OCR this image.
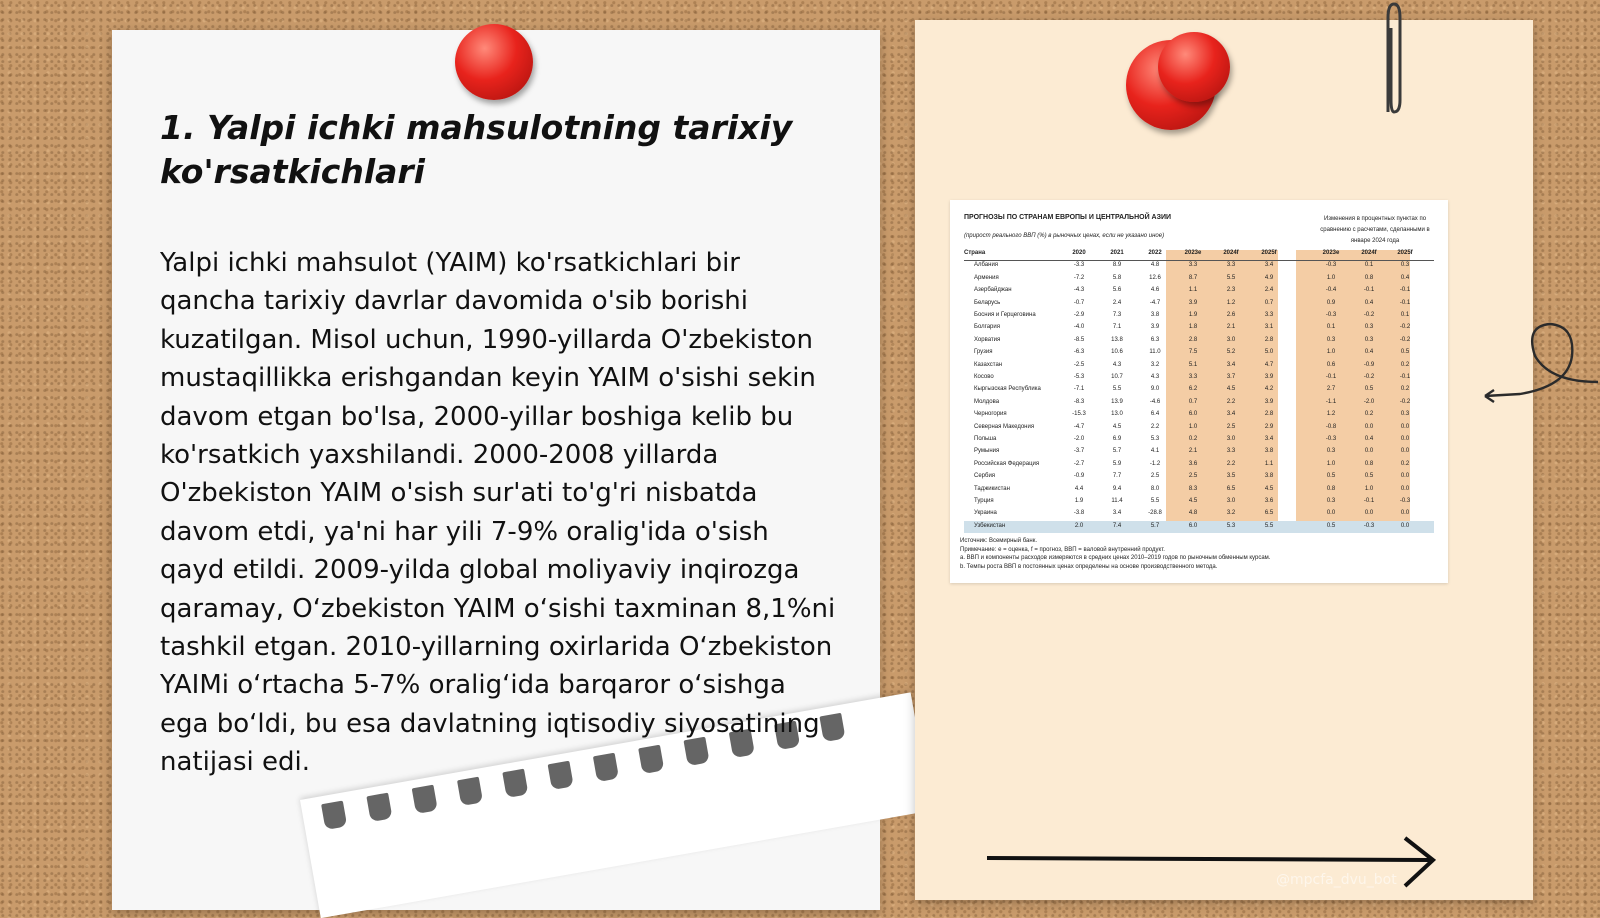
1. Yalpi ichki mahsulotning tarixiy ko'rsatkichlari

Yalpi ichki mahsulot (YAIM) ko'rsatkichlari bir qancha tarixiy davrlar davomida o'sib borishi kuzatilgan. Misol uchun, 1990-yillarda O'zbekiston mustaqillikka erishgandan keyin YAIM o'sishi sekin davom etgan bo'lsa, 2000-yillar boshiga kelib bu ko'rsatkich yaxshilandi. 2000-2008 yillarda O'zbekiston YAIM o'sish sur'ati to'g'ri nisbatda davom etdi, ya'ni har yili 7-9% oralig'ida o'sish qayd etildi. 2009-yilda global moliyaviy inqirozga qaramay, O‘zbekiston YAIM o‘sishi taxminan 8,1%ni tashkil etgan. 2010-yillarning oxirlarida O‘zbekiston YAIMi o‘rtacha 5-7% oralig‘ida barqaror o‘sishga ega bo‘ldi, bu esa davlatning iqtisodiy siyosatining natijasi edi.

ПРОГНОЗЫ ПО СТРАНАМ ЕВРОПЫ И ЦЕНТРАЛЬНОЙ АЗИИ
(прирост реального ВВП (%) в рыночных ценах, если не указано иное)
Изменения в процентных пунктах по сравнению с расчетами, сделанными в январе 2024 года
Страна	2020	2021	2022	2023e	2024f	2025f	2023e	2024f	2025f
Албания	-3.3	8.9	4.8	3.3	3.3	3.4	-0.3	0.1	0.3
Армения	-7.2	5.8	12.6	8.7	5.5	4.9	1.0	0.8	0.4
Азербайджан	-4.3	5.6	4.6	1.1	2.3	2.4	-0.4	-0.1	-0.1
Беларусь	-0.7	2.4	-4.7	3.9	1.2	0.7	0.9	0.4	-0.1
Босния и Герцеговина	-2.9	7.3	3.8	1.9	2.6	3.3	-0.3	-0.2	0.1
Болгария	-4.0	7.1	3.9	1.8	2.1	3.1	0.1	0.3	-0.2
Хорватия	-8.5	13.8	6.3	2.8	3.0	2.8	0.3	0.3	-0.2
Грузия	-6.3	10.6	11.0	7.5	5.2	5.0	1.0	0.4	0.5
Казахстан	-2.5	4.3	3.2	5.1	3.4	4.7	0.6	-0.9	0.2
Косово	-5.3	10.7	4.3	3.3	3.7	3.9	-0.1	-0.2	-0.1
Кыргызская Республика	-7.1	5.5	9.0	6.2	4.5	4.2	2.7	0.5	0.2
Молдова	-8.3	13.9	-4.6	0.7	2.2	3.9	-1.1	-2.0	-0.2
Черногория	-15.3	13.0	6.4	6.0	3.4	2.8	1.2	0.2	0.3
Северная Македония	-4.7	4.5	2.2	1.0	2.5	2.9	-0.8	0.0	0.0
Польша	-2.0	6.9	5.3	0.2	3.0	3.4	-0.3	0.4	0.0
Румыния	-3.7	5.7	4.1	2.1	3.3	3.8	0.3	0.0	0.0
Российская Федерация	-2.7	5.9	-1.2	3.6	2.2	1.1	1.0	0.8	0.2
Сербия	-0.9	7.7	2.5	2.5	3.5	3.8	0.5	0.5	0.0
Таджикистан	4.4	9.4	8.0	8.3	6.5	4.5	0.8	1.0	0.0
Турция	1.9	11.4	5.5	4.5	3.0	3.6	0.3	-0.1	-0.3
Украина	-3.8	3.4	-28.8	4.8	3.2	6.5	0.0	0.0	0.0
Узбекистан	2.0	7.4	5.7	6.0	5.3	5.5	0.5	-0.3	0.0
Источник: Всемирный банк.
Примечание: e = оценка, f = прогноз, ВВП = валовой внутренний продукт.
a. ВВП и компоненты расходов измеряются в средних ценах 2010–2019 годов по рыночным обменным курсам.
b. Темпы роста ВВП в постоянных ценах определены на основе производственного метода.
@mpcfa_dvu_bot
